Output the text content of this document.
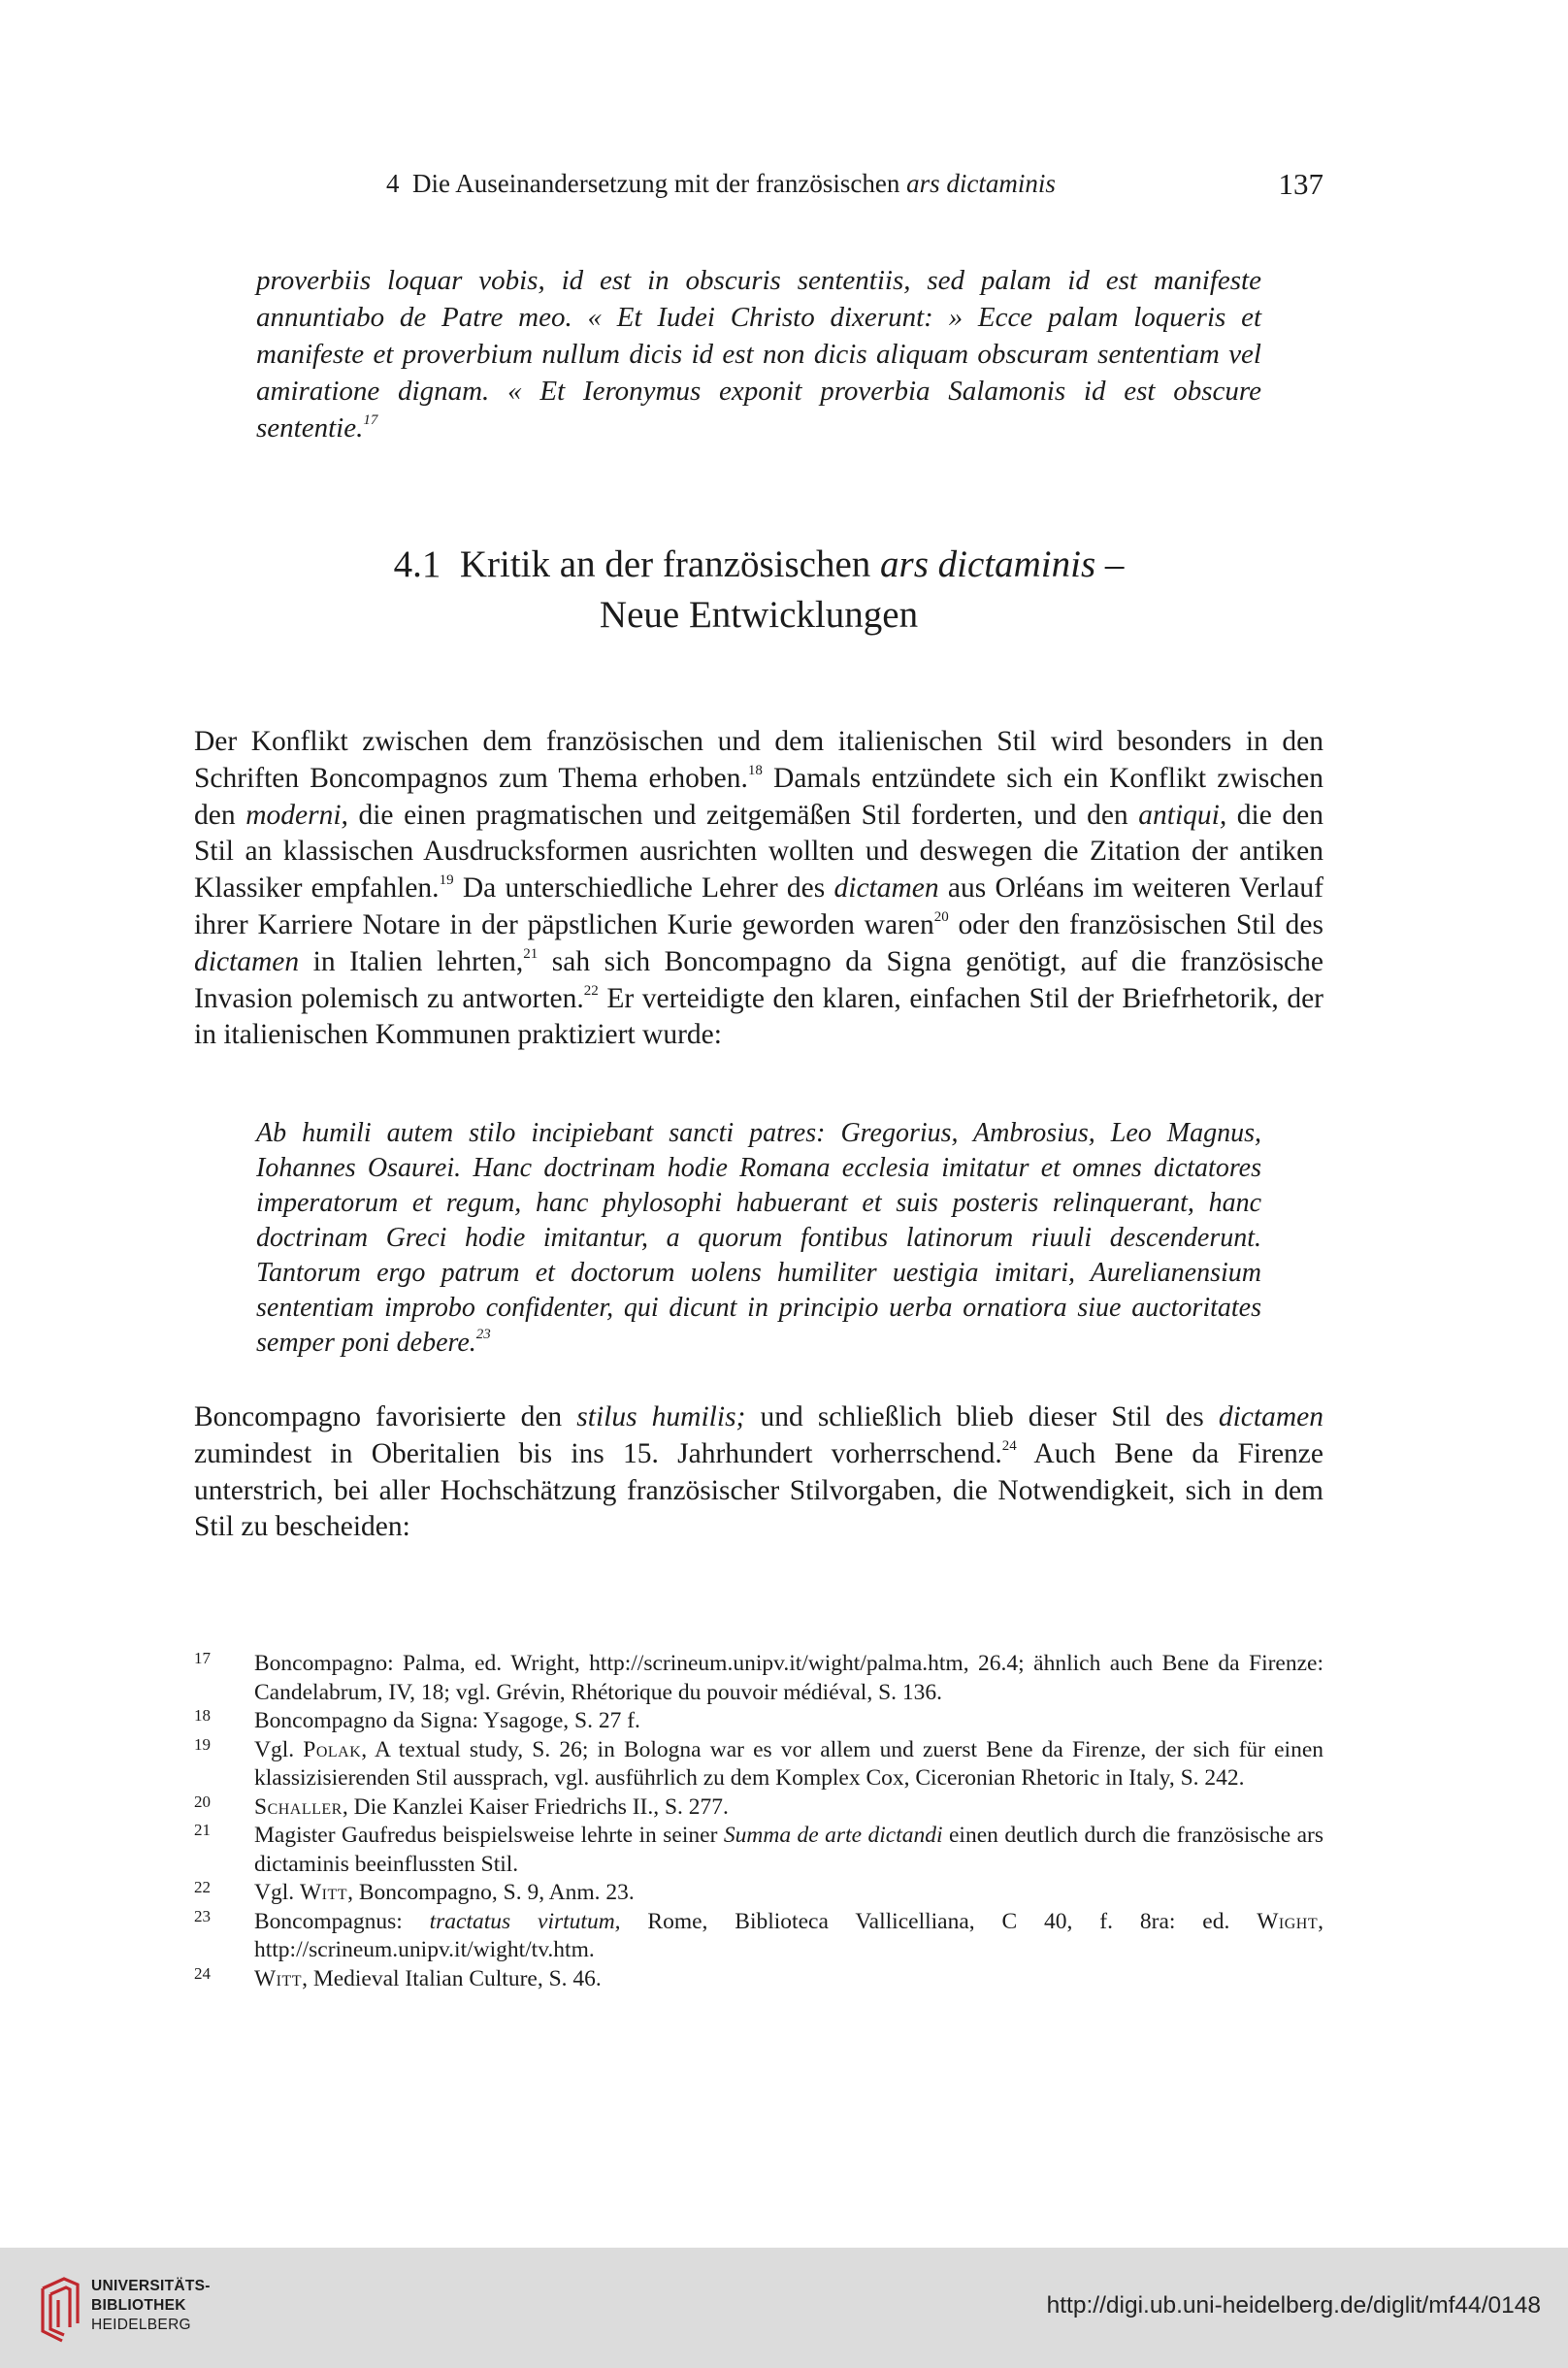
4 Die Auseinandersetzung mit der französischen ars dictaminis	137
proverbiis loquar vobis, id est in obscuris sententiis, sed palam id est manifeste annuntiabo de Patre meo. « Et Iudei Christo dixerunt: » Ecce palam loqueris et manifeste et proverbium nullum dicis id est non dicis aliquam obscuram sententiam vel amiratione dignam. « Et Ieronymus exponit proverbia Salamonis id est obscure sententie.$^{17}$
4.1 Kritik an der französischen ars dictaminis –
Neue Entwicklungen
Der Konflikt zwischen dem französischen und dem italienischen Stil wird besonders in den Schriften Boncompagnos zum Thema erhoben.$^{18}$ Damals entzündete sich ein Konflikt zwischen den moderni, die einen pragmatischen und zeitgemäßen Stil forderten, und den antiqui, die den Stil an klassischen Ausdrucksformen ausrichten wollten und deswegen die Zitation der antiken Klassiker empfahlen.$^{19}$ Da unterschiedliche Lehrer des dictamen aus Orléans im weiteren Verlauf ihrer Karriere Notare in der päpstlichen Kurie geworden waren$^{20}$ oder den französischen Stil des dictamen in Italien lehrten,$^{21}$ sah sich Boncompagno da Signa genötigt, auf die französische Invasion polemisch zu antworten.$^{22}$ Er verteidigte den klaren, einfachen Stil der Briefrhetorik, der in italienischen Kommunen praktiziert wurde:
Ab humili autem stilo incipiebant sancti patres: Gregorius, Ambrosius, Leo Magnus, Iohannes Osaurei. Hanc doctrinam hodie Romana ecclesia imitatur et omnes dictatores imperatorum et regum, hanc phylosophi habuerant et suis posteris relinquerant, hanc doctrinam Greci hodie imitantur, a quorum fontibus latinorum riuuli descenderunt. Tantorum ergo patrum et doctorum uolens humiliter uestigia imitari, Aurelianensium sententiam improbo confidenter, qui dicunt in principio uerba ornatiora siue auctoritates semper poni debere.$^{23}$
Boncompagno favorisierte den stilus humilis; und schließlich blieb dieser Stil des dictamen zumindest in Oberitalien bis ins 15. Jahrhundert vorherrschend.$^{24}$ Auch Bene da Firenze unterstrich, bei aller Hochschätzung französischer Stilvorgaben, die Notwendigkeit, sich in dem Stil zu bescheiden:
17 Boncompagno: Palma, ed. Wright, http://scrineum.unipv.it/wight/palma.htm, 26.4; ähnlich auch Bene da Firenze: Candelabrum, IV, 18; vgl. Grévin, Rhétorique du pouvoir médiéval, S. 136.
18 Boncompagno da Signa: Ysagoge, S. 27 f.
19 Vgl. Polak, A textual study, S. 26; in Bologna war es vor allem und zuerst Bene da Firenze, der sich für einen klassizisierenden Stil aussprach, vgl. ausführlich zu dem Komplex Cox, Ciceronian Rhetoric in Italy, S. 242.
20 Schaller, Die Kanzlei Kaiser Friedrichs II., S. 277.
21 Magister Gaufredus beispielsweise lehrte in seiner Summa de arte dictandi einen deutlich durch die französische ars dictaminis beeinflussten Stil.
22 Vgl. Witt, Boncompagno, S. 9, Anm. 23.
23 Boncompagnus: tractatus virtutum, Rome, Biblioteca Vallicelliana, C 40, f. 8ra: ed. Wight, http://scrineum.unipv.it/wight/tv.htm.
24 Witt, Medieval Italian Culture, S. 46.
UNIVERSITÄTS-
BIBLIOTHEK
HEIDELBERG
http://digi.ub.uni-heidelberg.de/diglit/mf44/0148
